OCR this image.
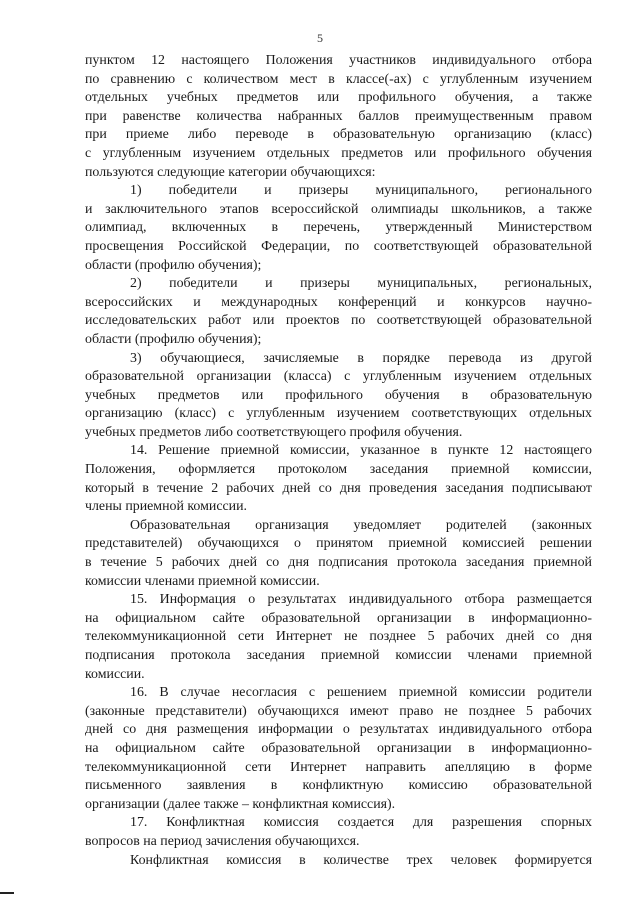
5

пунктом 12 настоящего Положения участников индивидуального отбора

по сравнению с количеством мест в классе(-ах) с углубленным изучением

отдельных учебных предметов или профильного обучения, а также

при равенстве количества набранных баллов преимущественным правом

при приеме либо переводе в образовательную организацию (класс)

с углубленным изучением отдельных предметов или профильного обучения

пользуются следующие категории обучающихся:

1) победители и призеры муниципального, регионального

и заключительного этапов всероссийской олимпиады школьников, а также

олимпиад, включенных в перечень, утвержденный Министерством

просвещения Российской Федерации, по соответствующей образовательной

области (профилю обучения);

2) победители и призеры муниципальных, региональных,

всероссийских и международных конференций и конкурсов научно-

исследовательских работ или проектов по соответствующей образовательной

области (профилю обучения);

3) обучающиеся, зачисляемые в порядке перевода из другой

образовательной организации (класса) с углубленным изучением отдельных

учебных предметов или профильного обучения в образовательную

организацию (класс) с углубленным изучением соответствующих отдельных

учебных предметов либо соответствующего профиля обучения.

14. Решение приемной комиссии, указанное в пункте 12 настоящего

Положения, оформляется протоколом заседания приемной комиссии,

который в течение 2 рабочих дней со дня проведения заседания подписывают

члены приемной комиссии.

Образовательная организация уведомляет родителей (законных

представителей) обучающихся о принятом приемной комиссией решении

в течение 5 рабочих дней со дня подписания протокола заседания приемной

комиссии членами приемной комиссии.

15. Информация о результатах индивидуального отбора размещается

на официальном сайте образовательной организации в информационно-

телекоммуникационной сети Интернет не позднее 5 рабочих дней со дня

подписания протокола заседания приемной комиссии членами приемной

комиссии.

16. В случае несогласия с решением приемной комиссии родители

(законные представители) обучающихся имеют право не позднее 5 рабочих

дней со дня размещения информации о результатах индивидуального отбора

на официальном сайте образовательной организации в информационно-

телекоммуникационной сети Интернет направить апелляцию в форме

письменного заявления в конфликтную комиссию образовательной

организации (далее также – конфликтная комиссия).

17. Конфликтная комиссия создается для разрешения спорных

вопросов на период зачисления обучающихся.

Конфликтная комиссия в количестве трех человек формируется
